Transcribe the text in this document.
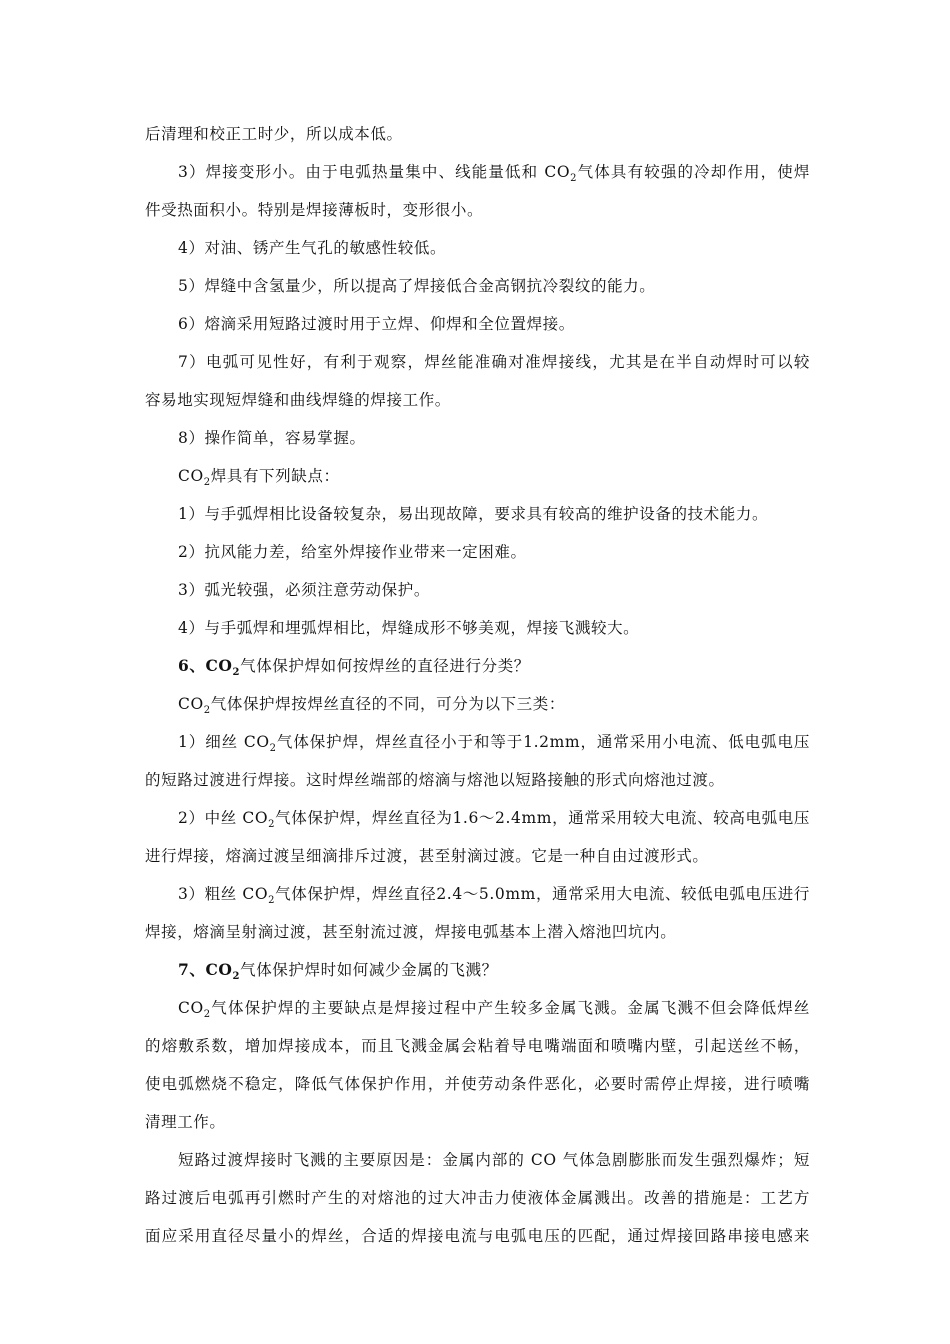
后清理和校正工时少，所以成本低。
3）焊接变形小。由于电弧热量集中、线能量低和 $CO_2$气体具有较强的冷却作用，使焊
件受热面积小。特别是焊接薄板时，变形很小。
4）对油、锈产生气孔的敏感性较低。
5）焊缝中含氢量少，所以提高了焊接低合金高钢抗冷裂纹的能力。
6）熔滴采用短路过渡时用于立焊、仰焊和全位置焊接。
7）电弧可见性好，有利于观察，焊丝能准确对准焊接线，尤其是在半自动焊时可以较
容易地实现短焊缝和曲线焊缝的焊接工作。
8）操作简单，容易掌握。
$CO_2$焊具有下列缺点：
1）与手弧焊相比设备较复杂，易出现故障，要求具有较高的维护设备的技术能力。
2）抗风能力差，给室外焊接作业带来一定困难。
3）弧光较强，必须注意劳动保护。
4）与手弧焊和埋弧焊相比，焊缝成形不够美观，焊接飞溅较大。
6、$CO_2$气体保护焊如何按焊丝的直径进行分类？
$CO_2$气体保护焊按焊丝直径的不同，可分为以下三类：
1）细丝 $CO_2$气体保护焊，焊丝直径小于和等于1.2mm，通常采用小电流、低电弧电压
的短路过渡进行焊接。这时焊丝端部的熔滴与熔池以短路接触的形式向熔池过渡。
2）中丝 $CO_2$气体保护焊，焊丝直径为1.6～2.4mm，通常采用较大电流、较高电弧电压
进行焊接，熔滴过渡呈细滴排斥过渡，甚至射滴过渡。它是一种自由过渡形式。
3）粗丝 $CO_2$气体保护焊，焊丝直径2.4～5.0mm，通常采用大电流、较低电弧电压进行
焊接，熔滴呈射滴过渡，甚至射流过渡，焊接电弧基本上潜入熔池凹坑内。
7、$CO_2$气体保护焊时如何减少金属的飞溅？
$CO_2$气体保护焊的主要缺点是焊接过程中产生较多金属飞溅。金属飞溅不但会降低焊丝
的熔敷系数，增加焊接成本，而且飞溅金属会粘着导电嘴端面和喷嘴内壁，引起送丝不畅，
使电弧燃烧不稳定，降低气体保护作用，并使劳动条件恶化，必要时需停止焊接，进行喷嘴
清理工作。
短路过渡焊接时飞溅的主要原因是：金属内部的 CO 气体急剧膨胀而发生强烈爆炸；短
路过渡后电弧再引燃时产生的对熔池的过大冲击力使液体金属溅出。改善的措施是：工艺方
面应采用直径尽量小的焊丝，合适的焊接电流与电弧电压的匹配，通过焊接回路串接电感来
